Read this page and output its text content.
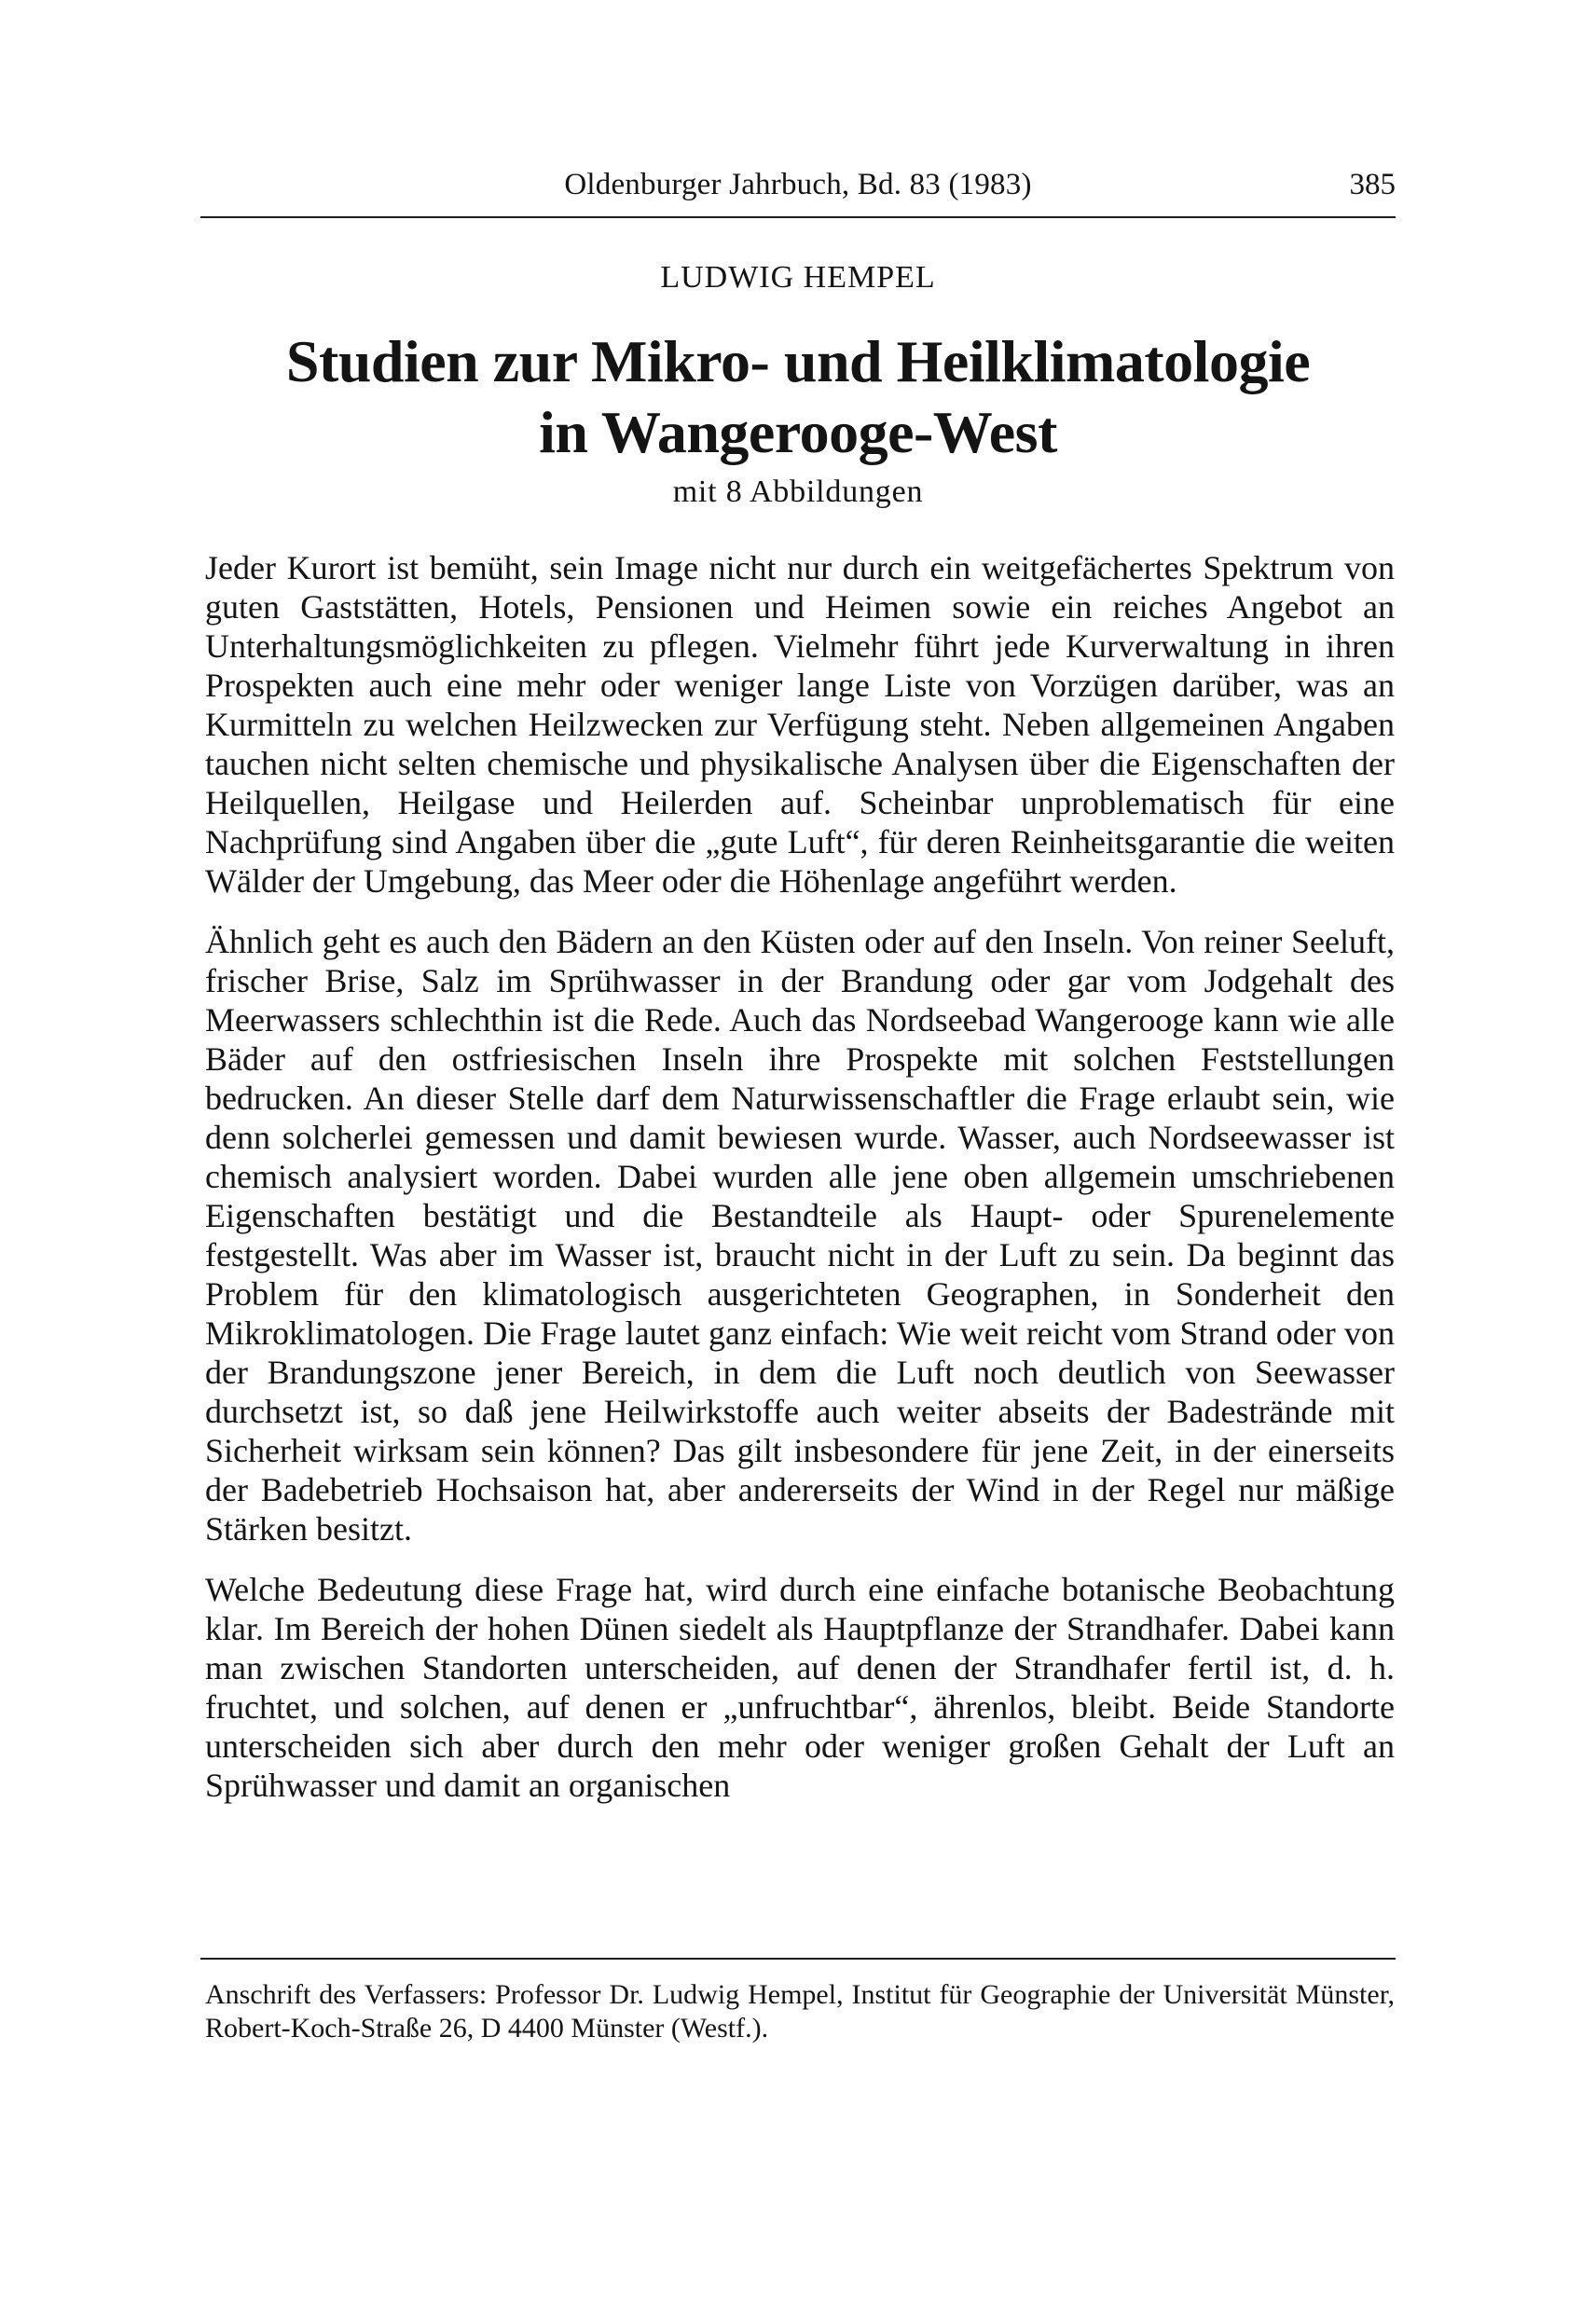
Oldenburger Jahrbuch, Bd. 83 (1983)	385
LUDWIG HEMPEL
Studien zur Mikro- und Heilklimatologie
in Wangerooge-West
mit 8 Abbildungen

Jeder Kurort ist bemüht, sein Image nicht nur durch ein weitgefächertes Spektrum von guten Gaststätten, Hotels, Pensionen und Heimen sowie ein reiches Angebot an Unterhaltungsmöglichkeiten zu pflegen. Vielmehr führt jede Kurverwaltung in ihren Prospekten auch eine mehr oder weniger lange Liste von Vorzügen darüber, was an Kurmitteln zu welchen Heilzwecken zur Verfügung steht. Neben allgemeinen Angaben tauchen nicht selten chemische und physikalische Analysen über die Eigenschaften der Heilquellen, Heilgase und Heilerden auf. Scheinbar unproblematisch für eine Nachprüfung sind Angaben über die „gute Luft“, für deren Reinheitsgarantie die weiten Wälder der Umgebung, das Meer oder die Höhenlage angeführt werden.

Ähnlich geht es auch den Bädern an den Küsten oder auf den Inseln. Von reiner Seeluft, frischer Brise, Salz im Sprühwasser in der Brandung oder gar vom Jodgehalt des Meerwassers schlechthin ist die Rede. Auch das Nordseebad Wangerooge kann wie alle Bäder auf den ostfriesischen Inseln ihre Prospekte mit solchen Feststellungen bedrucken. An dieser Stelle darf dem Naturwissenschaftler die Frage erlaubt sein, wie denn solcherlei gemessen und damit bewiesen wurde. Wasser, auch Nordseewasser ist chemisch analysiert worden. Dabei wurden alle jene oben allgemein umschriebenen Eigenschaften bestätigt und die Bestandteile als Haupt- oder Spurenelemente festgestellt. Was aber im Wasser ist, braucht nicht in der Luft zu sein. Da beginnt das Problem für den klimatologisch ausgerichteten Geographen, in Sonderheit den Mikroklimatologen. Die Frage lautet ganz einfach: Wie weit reicht vom Strand oder von der Brandungszone jener Bereich, in dem die Luft noch deutlich von Seewasser durchsetzt ist, so daß jene Heilwirkstoffe auch weiter abseits der Badestrände mit Sicherheit wirksam sein können? Das gilt insbesondere für jene Zeit, in der einerseits der Badebetrieb Hochsaison hat, aber andererseits der Wind in der Regel nur mäßige Stärken besitzt.

Welche Bedeutung diese Frage hat, wird durch eine einfache botanische Beobachtung klar. Im Bereich der hohen Dünen siedelt als Hauptpflanze der Strandhafer. Dabei kann man zwischen Standorten unterscheiden, auf denen der Strandhafer fertil ist, d. h. fruchtet, und solchen, auf denen er „unfruchtbar“, ährenlos, bleibt. Beide Standorte unterscheiden sich aber durch den mehr oder weniger großen Gehalt der Luft an Sprühwasser und damit an organischen

Anschrift des Verfassers: Professor Dr. Ludwig Hempel, Institut für Geographie der Universität Münster, Robert-Koch-Straße 26, D 4400 Münster (Westf.).
